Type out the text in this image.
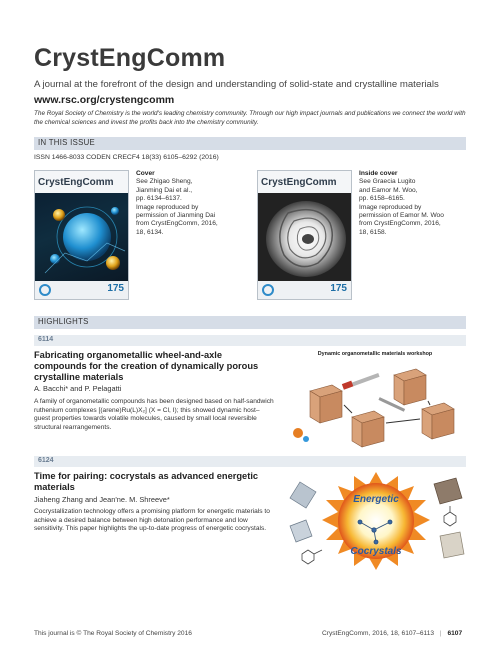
CrystEngComm
A journal at the forefront of the design and understanding of solid-state and crystalline materials
www.rsc.org/crystengcomm
The Royal Society of Chemistry is the world's leading chemistry community. Through our high impact journals and publications we connect the world with the chemical sciences and invest the profits back into the chemistry community.
IN THIS ISSUE
ISSN 1466-8033 CODEN CRECF4 18(33) 6105–6292 (2016)
CrystEngComm
175
Cover
See Zhigao Sheng,
Jianming Dai et al.,
pp. 6134–6137.
Image reproduced by
permission of Jianming Dai
from CrystEngComm, 2016,
18, 6134.
CrystEngComm
175
Inside cover
See Graecia Lugito
and Eamor M. Woo,
pp. 6158–6165.
Image reproduced by
permission of Eamor M. Woo
from CrystEngComm, 2016,
18, 6158.
HIGHLIGHTS
6114
Fabricating organometallic wheel-and-axle compounds for the creation of dynamically porous crystalline materials
A. Bacchi* and P. Pelagatti
A family of organometallic compounds has been designed based on half-sandwich ruthenium complexes [(arene)Ru(L)X₂] (X = Cl, I); this showed dynamic host–guest properties towards volatile molecules, caused by small local reversible structural rearrangements.
Dynamic organometallic materials workshop
6124
Time for pairing: cocrystals as advanced energetic materials
Jiaheng Zhang and Jean'ne. M. Shreeve*
Cocrystallization technology offers a promising platform for energetic materials to achieve a desired balance between high detonation performance and low sensitivity. This paper highlights the up-to-date progress of energetic cocrystals.
Energetic
Cocrystals
This journal is © The Royal Society of Chemistry 2016	CrystEngComm, 2016, 18, 6107–6113 | 6107
